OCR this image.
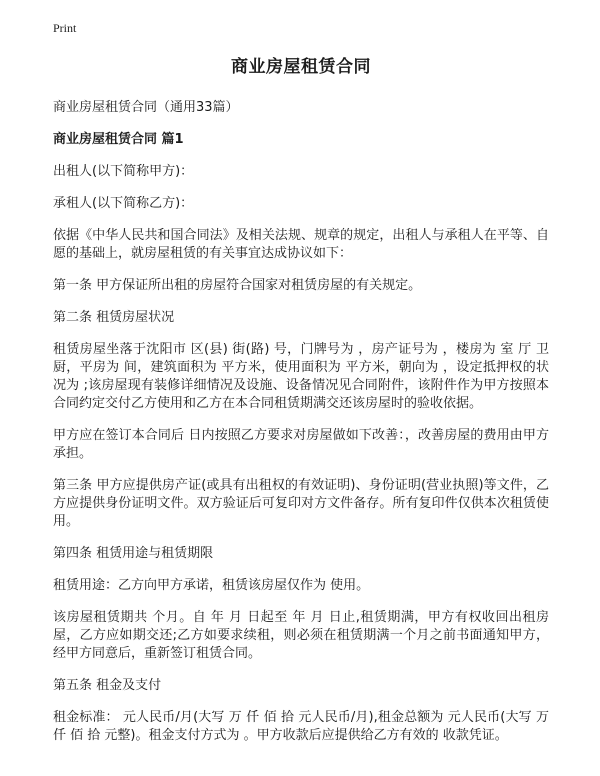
Print
商业房屋租赁合同

商业房屋租赁合同（通用33篇）

商业房屋租赁合同 篇1

出租人(以下简称甲方)：

承租人(以下简称乙方)：

依据《中华人民共和国合同法》及相关法规、规章的规定，出租人与承租人在平等、自愿的基础上，就房屋租赁的有关事宜达成协议如下：

第一条 甲方保证所出租的房屋符合国家对租赁房屋的有关规定。

第二条 租赁房屋状况

租赁房屋坐落于沈阳市 区(县) 街(路) 号，门牌号为 ，房产证号为 ，楼房为 室 厅 卫 厨，平房为 间，建筑面积为 平方米，使用面积为 平方米，朝向为 ，设定抵押权的状况为 ;该房屋现有装修详细情况及设施、设备情况见合同附件，该附件作为甲方按照本合同约定交付乙方使用和乙方在本合同租赁期满交还该房屋时的验收依据。

甲方应在签订本合同后 日内按照乙方要求对房屋做如下改善：，改善房屋的费用由甲方承担。

第三条 甲方应提供房产证(或具有出租权的有效证明)、身份证明(营业执照)等文件，乙方应提供身份证明文件。双方验证后可复印对方文件备存。所有复印件仅供本次租赁使用。

第四条 租赁用途与租赁期限

租赁用途：乙方向甲方承诺，租赁该房屋仅作为 使用。

该房屋租赁期共 个月。自 年 月 日起至 年 月 日止,租赁期满，甲方有权收回出租房屋，乙方应如期交还;乙方如要求续租，则必须在租赁期满一个月之前书面通知甲方，经甲方同意后，重新签订租赁合同。

第五条 租金及支付

租金标准： 元人民币/月(大写 万 仟 佰 拾 元人民币/月),租金总额为 元人民币(大写 万 仟 佰 拾 元整)。租金支付方式为 。甲方收款后应提供给乙方有效的 收款凭证。
